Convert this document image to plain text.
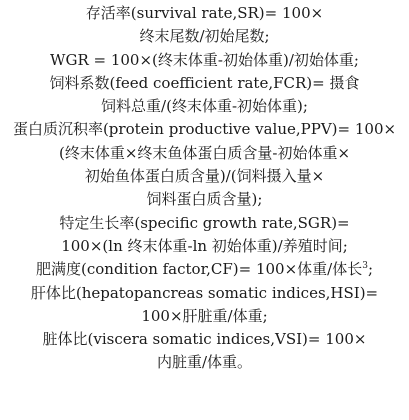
存活率(survival rate,SR)= 100×
终末尾数/初始尾数;
WGR = 100×(终末体重-初始体重)/初始体重;
饲料系数(feed coefficient rate,FCR)= 摄食
饲料总重/(终末体重-初始体重);
蛋白质沉积率(protein productive value,PPV)= 100×
(终末体重×终末鱼体蛋白质含量-初始体重×
初始鱼体蛋白质含量)/(饲料摄入量×
饲料蛋白质含量);
特定生长率(specific growth rate,SGR)=
100×(ln 终末体重-ln 初始体重)/养殖时间;
肥满度(condition factor,CF)= 100×体重/体长$^3$;
肝体比(hepatopancreas somatic indices,HSI)=
100×肝脏重/体重;
脏体比(viscera somatic indices,VSI)= 100×
内脏重/体重。
